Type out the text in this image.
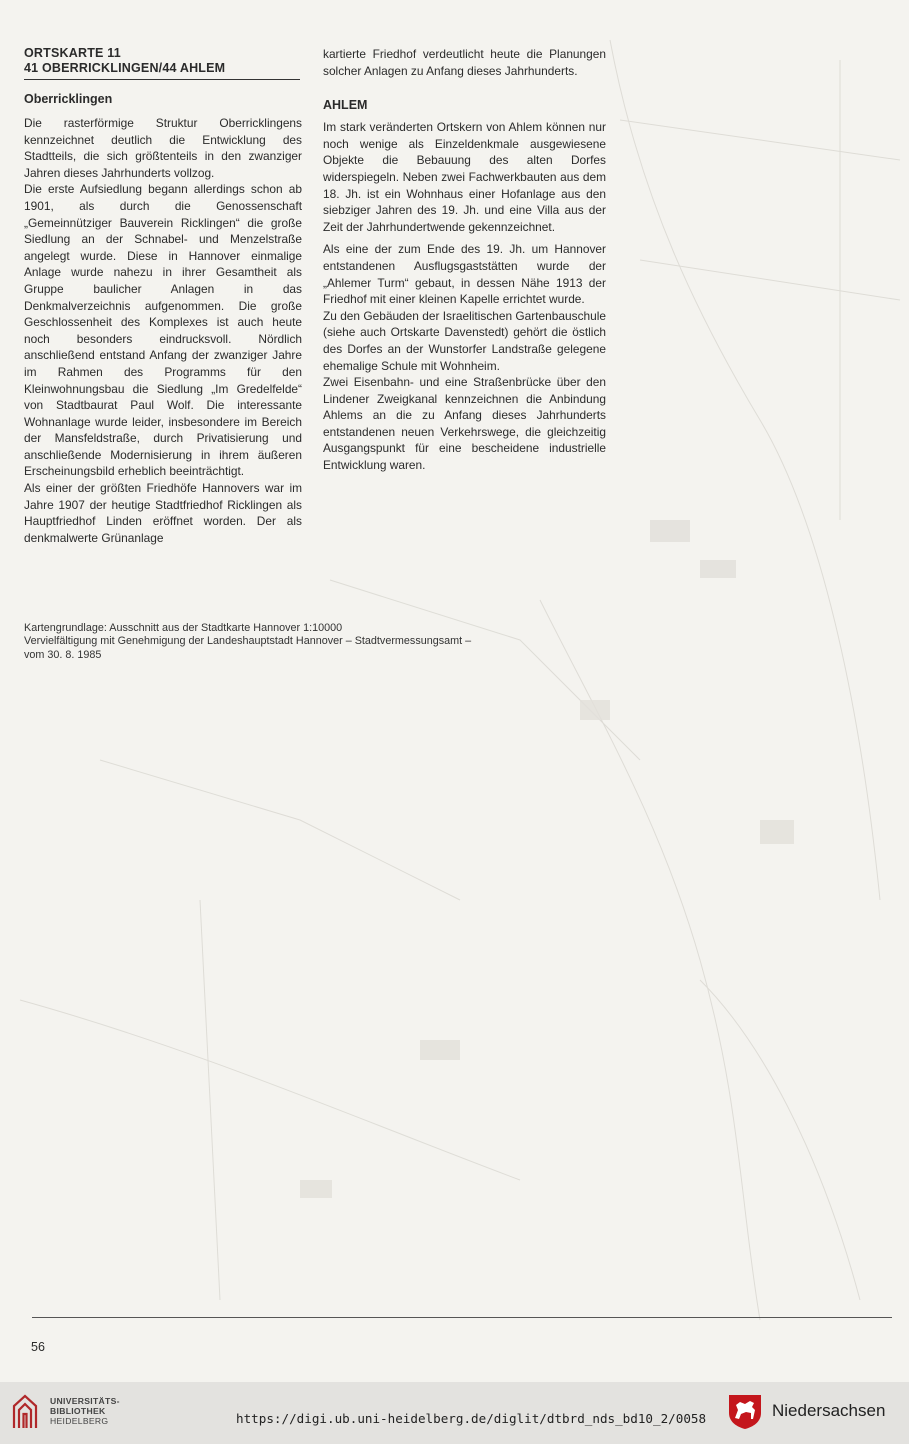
ORTSKARTE 11
41 OBERRICKLINGEN/44 AHLEM
Oberricklingen

Die rasterförmige Struktur Oberricklingens kennzeichnet deutlich die Entwicklung des Stadtteils, die sich größtenteils in den zwanziger Jahren dieses Jahrhunderts vollzog.

Die erste Aufsiedlung begann allerdings schon ab 1901, als durch die Genossenschaft „Gemeinnütziger Bauverein Ricklingen“ die große Siedlung an der Schnabel- und Menzelstraße angelegt wurde. Diese in Hannover einmalige Anlage wurde nahezu in ihrer Gesamtheit als Gruppe baulicher Anlagen in das Denkmalverzeichnis aufgenommen. Die große Geschlossenheit des Komplexes ist auch heute noch besonders eindrucksvoll. Nördlich anschließend entstand Anfang der zwanziger Jahre im Rahmen des Programms für den Kleinwohnungsbau die Siedlung „Im Gredelfelde“ von Stadtbaurat Paul Wolf. Die interessante Wohnanlage wurde leider, insbesondere im Bereich der Mansfeldstraße, durch Privatisierung und anschließende Modernisierung in ihrem äußeren Erscheinungsbild erheblich beeinträchtigt.

Als einer der größten Friedhöfe Hannovers war im Jahre 1907 der heutige Stadtfriedhof Ricklingen als Hauptfriedhof Linden eröffnet worden. Der als denkmalwerte Grünanlage

kartierte Friedhof verdeutlicht heute die Planungen solcher Anlagen zu Anfang dieses Jahrhunderts.

AHLEM

Im stark veränderten Ortskern von Ahlem können nur noch wenige als Einzeldenkmale ausgewiesene Objekte die Bebauung des alten Dorfes widerspiegeln. Neben zwei Fachwerkbauten aus dem 18. Jh. ist ein Wohnhaus einer Hofanlage aus den siebziger Jahren des 19. Jh. und eine Villa aus der Zeit der Jahrhundertwende gekennzeichnet.

Als eine der zum Ende des 19. Jh. um Hannover entstandenen Ausflugsgaststätten wurde der „Ahlemer Turm“ gebaut, in dessen Nähe 1913 der Friedhof mit einer kleinen Kapelle errichtet wurde.

Zu den Gebäuden der Israelitischen Gartenbauschule (siehe auch Ortskarte Davenstedt) gehört die östlich des Dorfes an der Wunstorfer Landstraße gelegene ehemalige Schule mit Wohnheim.

Zwei Eisenbahn- und eine Straßenbrücke über den Lindener Zweigkanal kennzeichnen die Anbindung Ahlems an die zu Anfang dieses Jahrhunderts entstandenen neuen Verkehrswege, die gleichzeitig Ausgangspunkt für eine bescheidene industrielle Entwicklung waren.

Kartengrundlage: Ausschnitt aus der Stadtkarte Hannover 1:10000
Vervielfältigung mit Genehmigung der Landeshauptstadt Hannover – Stadtvermessungsamt –
vom 30. 8. 1985
56
UNIVERSITÄTS-
BIBLIOTHEK
HEIDELBERG	https://digi.ub.uni-heidelberg.de/diglit/dtbrd_nds_bd10_2/0058	Niedersachsen
